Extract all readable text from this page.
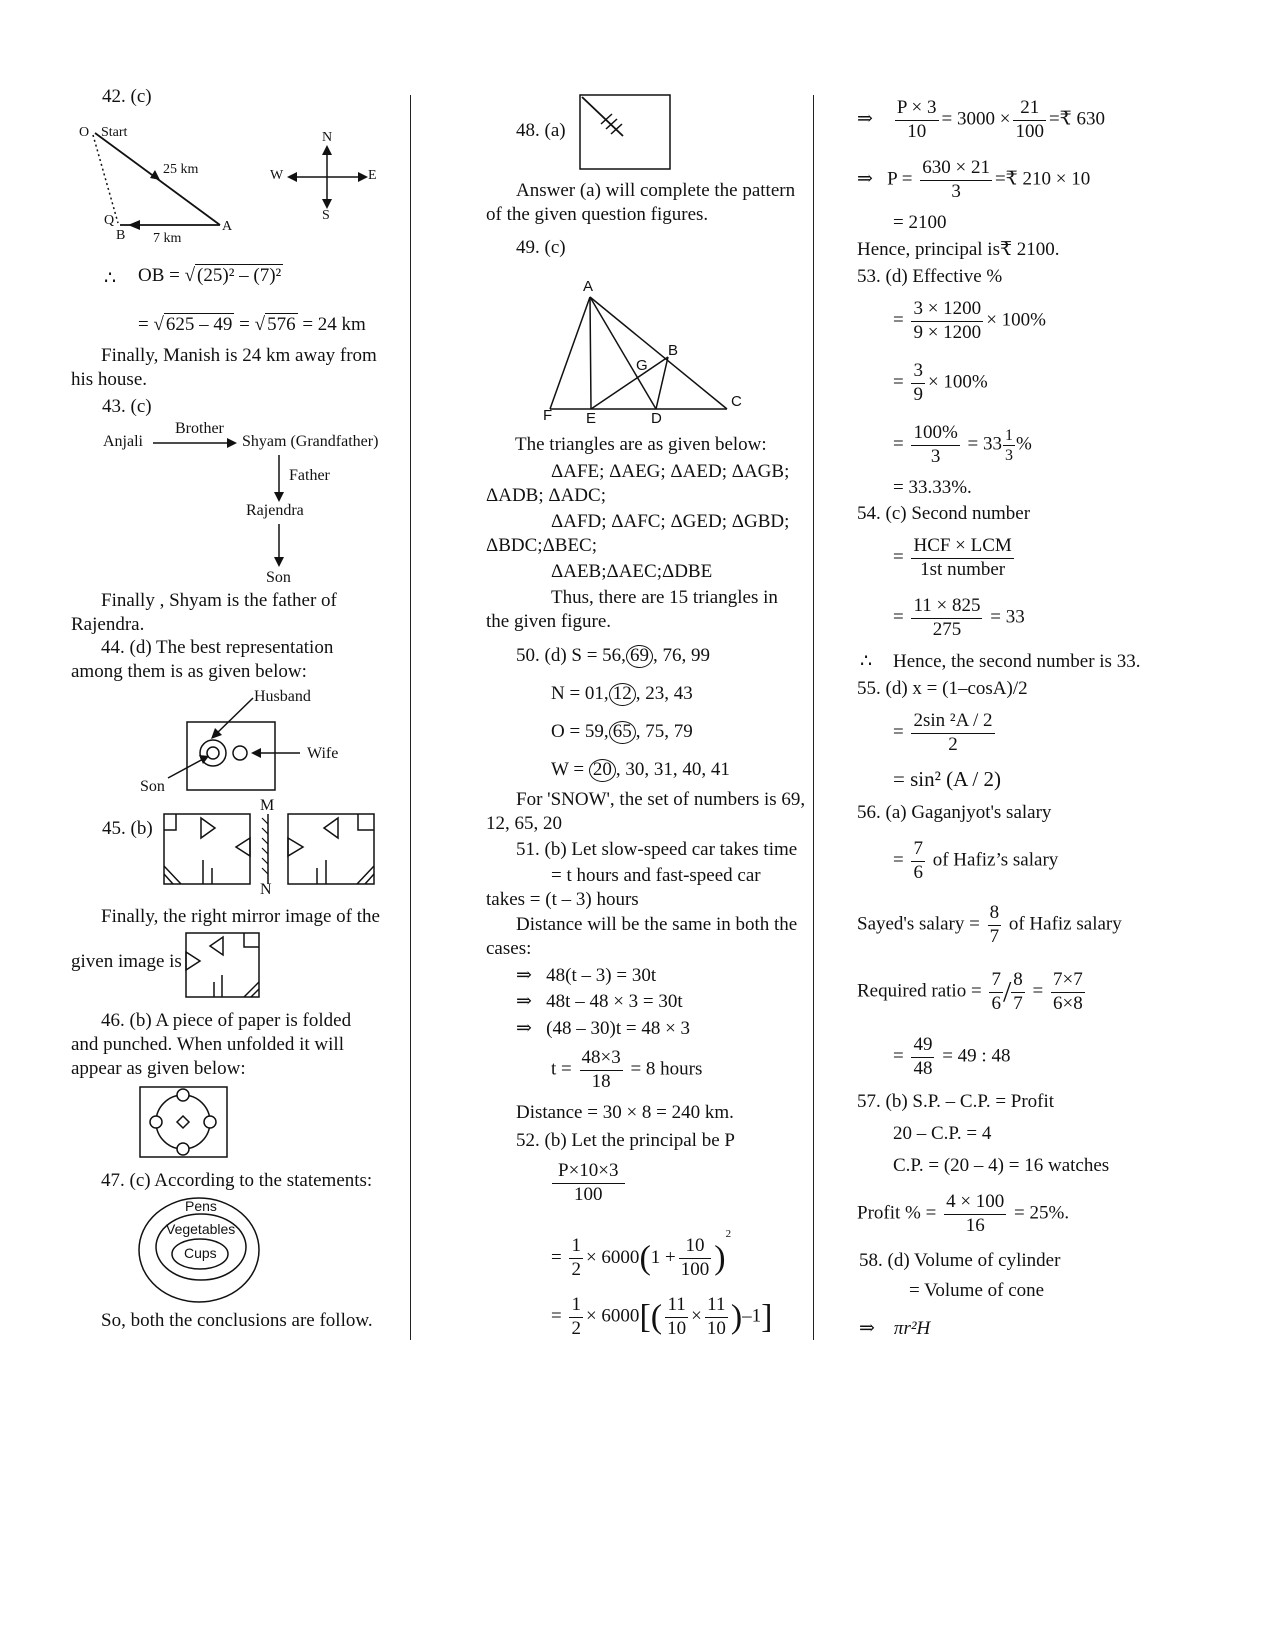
42. (c)
O Start
25 km
Q
B 7 km
A
N
S
W	E
∴ OB = √ (25)² – (7)²
= √ 625 – 49 = √ 576 = 24 km
Finally, Manish is 24 km away from
his house.
43. (c)
Anjali
Brother
Shyam (Grandfather)
Father
Rajendra
Son
Finally , Shyam is the father of
Rajendra.
44. (d) The best representation
among them is as given below:
Husband
Wife
Son
45. (b)
M
N
Finally, the right mirror image of the
given image is
46. (b) A piece of paper is folded
and punched. When unfolded it will
appear as given below:
47. (c) According to the statements:
Pens
Vegetables
Cups
So, both the conclusions are follow.
48. (a)
Answer (a) will complete the pattern
of the given question figures.
49. (c)
A
B
G
C
F E	D
The triangles are as given below:
ΔAFE; ΔAEG; ΔAED; ΔAGB;
ΔADB; ΔADC;
ΔAFD; ΔAFC; ΔGED; ΔGBD;
ΔBDC;ΔBEC;
ΔAEB;ΔAEC;ΔDBE
Thus, there are 15 triangles in
the given figure.
50. (d) S = 56, 69 , 76, 99
N = 01, 12 , 23, 43
O = 59, 65 , 75, 79
W = 20 , 30, 31, 40, 41
For 'SNOW', the set of numbers is 69,
12, 65, 20
51. (b) Let slow-speed car takes time
= t hours and fast-speed car
takes = (t – 3) hours
Distance will be the same in both the
cases:
⇒ 48(t – 3) = 30t
⇒ 48t – 48 × 3 = 30t
⇒ (48 – 30)t = 48 × 3
$t = \frac{48\times 3}{18} = 8$ hours
Distance = 30 × 8 = 240 km.
52. (b) Let the principal be P
$\frac{P\times 10\times 3}{100}$
= $\frac{1}{2} \times 6000(1 + \frac{10}{100} )^2$
= $\frac{1}{2} \times 6000[( \frac{11}{10} \times \frac{11}{10} )-1]$
⇒ $\frac{P \times 3}{10} = 3000 \times \frac{21}{100}$ =₹ 630
⇒ $P = \frac{630 \times 21}{3}$ =₹ 210 × 10
= 2100
Hence, principal is₹ 2100.
53. (d) Effective %
= $\frac{3 \times 1200}{9 \times 1200} \times 100\%$
= $\frac{3}{9} \times 100\%$
= $\frac{100\%}{3} = 33 \frac{1}{3}$ %
= 33.33%.
54. (c) Second number
= $\frac{\text{HCF × LCM}}{\text{1st number}}$
= $\frac{11 \times 825}{275} = 33$
∴ Hence, the second number is 33.
55. (d) x = (1–cosA)/2
= $\frac{\text{2sin ²A / 2}}{2}$
= sin² (A / 2)
56. (a) Gaganjyot's salary
= $\frac{7}{6}$ of Hafiz’s salary
Sayed's salary = $\frac{8}{7}$ of Hafiz salary
Required ratio = $\frac{7}{6} / \frac{8}{7} = \frac{7\times 7}{6\times 8}$
= $\frac{49}{48} = 49$ : 48
57. (b) S.P. – C.P. = Profit
20 – C.P. = 4
C.P. = (20 – 4) = 16 watches
Profit % = $\frac{4 \times 100}{16} = 25\%$.
58. (d) Volume of cylinder
= Volume of cone
⇒ πr²H
